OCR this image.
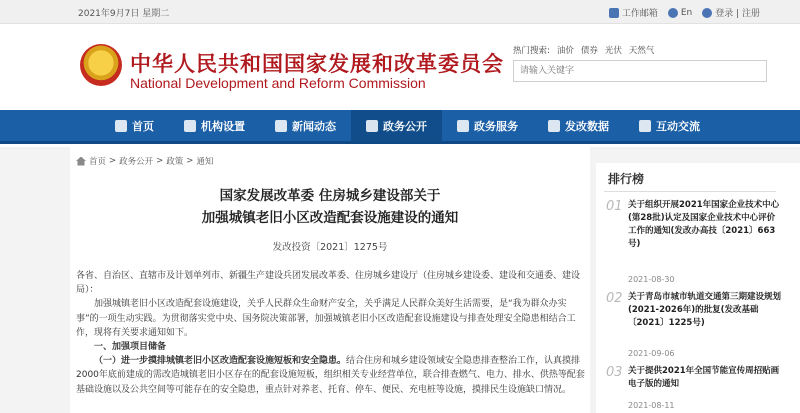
2021年9月7日 星期二	工作邮箱	En	登录 | 注册
中华人民共和国国家发展和改革委员会
National Development and Reform Commission
热门搜索: 油价 债券 光伏 天然气
请输入关键字
首页	机构设置	新闻动态	政务公开	政务服务	发改数据	互动交流
首页 > 政务公开 > 政策 > 通知
国家发展改革委 住房城乡建设部关于
加强城镇老旧小区改造配套设施建设的通知
发改投资〔2021〕1275号

各省、自治区、直辖市及计划单列市、新疆生产建设兵团发展改革委、住房城乡建设厅（住房城乡建设委、建设和交通委、建设局）：

加强城镇老旧小区改造配套设施建设，关乎人民群众生命财产安全，关乎满足人民群众美好生活需要，是“我为群众办实事”的一项生动实践。为贯彻落实党中央、国务院决策部署，加强城镇老旧小区改造配套设施建设与排查处理安全隐患相结合工作，现将有关要求通知如下。

一、加强项目储备

（一）进一步摸排城镇老旧小区改造配套设施短板和安全隐患。结合住房和城乡建设领域安全隐患排查整治工作，认真摸排2000年底前建成的需改造城镇老旧小区存在的配套设施短板，组织相关专业经营单位，联合排查燃气、电力、排水、供热等配套基础设施以及公共空间等可能存在的安全隐患，重点针对养老、托育、停车、便民、充电桩等设施，摸排民生设施缺口情况。

排行榜
01 关于组织开展2021年国家企业技术中心(第28批)认定及国家企业技术中心评价工作的通知(发改办高技〔2021〕663号)
2021-08-30
02 关于青岛市城市轨道交通第三期建设规划(2021-2026年)的批复(发改基础〔2021〕1225号)
2021-09-06
03 关于提供2021年全国节能宣传周招贴画电子版的通知
2021-08-11
